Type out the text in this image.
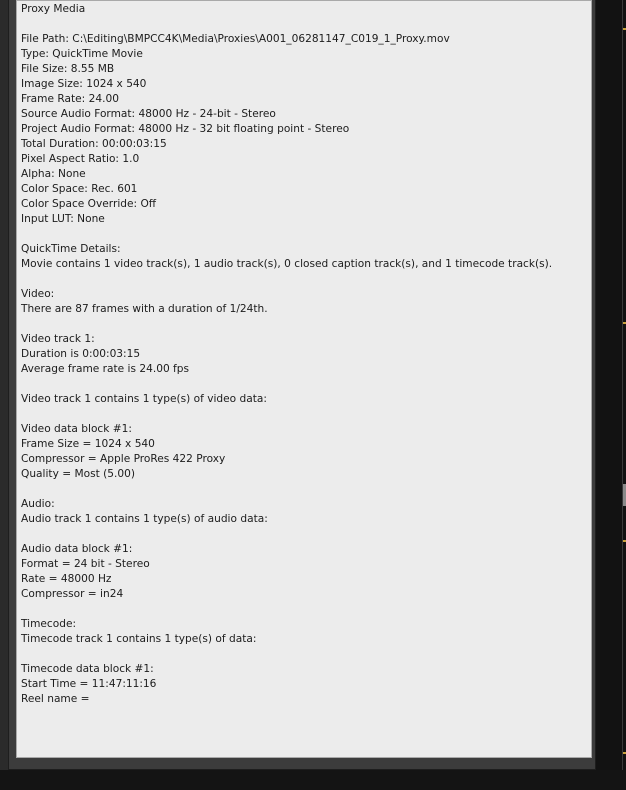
Proxy Media

File Path: C:\Editing\BMPCC4K\Media\Proxies\A001_06281147_C019_1_Proxy.mov
Type: QuickTime Movie
File Size: 8.55 MB
Image Size: 1024 x 540
Frame Rate: 24.00
Source Audio Format: 48000 Hz - 24-bit - Stereo
Project Audio Format: 48000 Hz - 32 bit floating point - Stereo
Total Duration: 00:00:03:15
Pixel Aspect Ratio: 1.0
Alpha: None
Color Space: Rec. 601
Color Space Override: Off
Input LUT: None

QuickTime Details:
Movie contains 1 video track(s), 1 audio track(s), 0 closed caption track(s), and 1 timecode track(s).

Video:
There are 87 frames with a duration of 1/24th.

Video track 1:
Duration is 0:00:03:15
Average frame rate is 24.00 fps

Video track 1 contains 1 type(s) of video data:

Video data block #1:
Frame Size = 1024 x 540
Compressor = Apple ProRes 422 Proxy
Quality = Most (5.00)

Audio:
Audio track 1 contains 1 type(s) of audio data:

Audio data block #1:
Format = 24 bit - Stereo
Rate = 48000 Hz
Compressor = in24

Timecode:
Timecode track 1 contains 1 type(s) of data:

Timecode data block #1:
Start Time = 11:47:11:16
Reel name =
